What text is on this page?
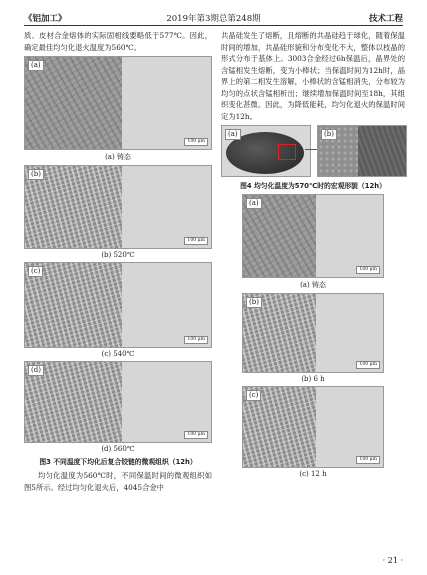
《铝加工》	2019年第3期总第248期	技术工程

质、皮材合金熔体的实际固相线要略低于577℃。因此，确定最佳均匀化退火温度为560℃。

(a)
100 μm
(a) 铸态
(b)
100 μm
(b) 520℃
(c)
100 μm
(c) 540℃
(d)
100 μm
(d) 560℃
图3 不同温度下均化后复合铰链的微观组织（12h）

均匀化温度为560℃时，不同保温时间的微观组织如图5所示。经过均匀化退火后，4045合金中

共晶硅发生了熔断，且熔断的共晶硅趋于球化，随着保温时间的增加，共晶硅形貌和分布变化不大，整体以枝晶的形式分布于基体上。3003合金经过6h保温后，晶界处的含锰相发生熔断，变为小棒状；当保温时间为12h时，晶界上的第二相发生溶解，小棒状的含锰相消失，分布较为均匀的点状含锰相析出；继续增加保温时间至18h，其组织变化甚微。因此，为降低能耗，均匀化退火的保温时间定为12h。

(a)	(b)
图4 均匀化温度为570℃时的宏观形貌（12h）
(a)
100 μm
(a) 铸态
(b)
100 μm
(b) 6 h
(c)
100 μm
(c) 12 h
· 21 ·
